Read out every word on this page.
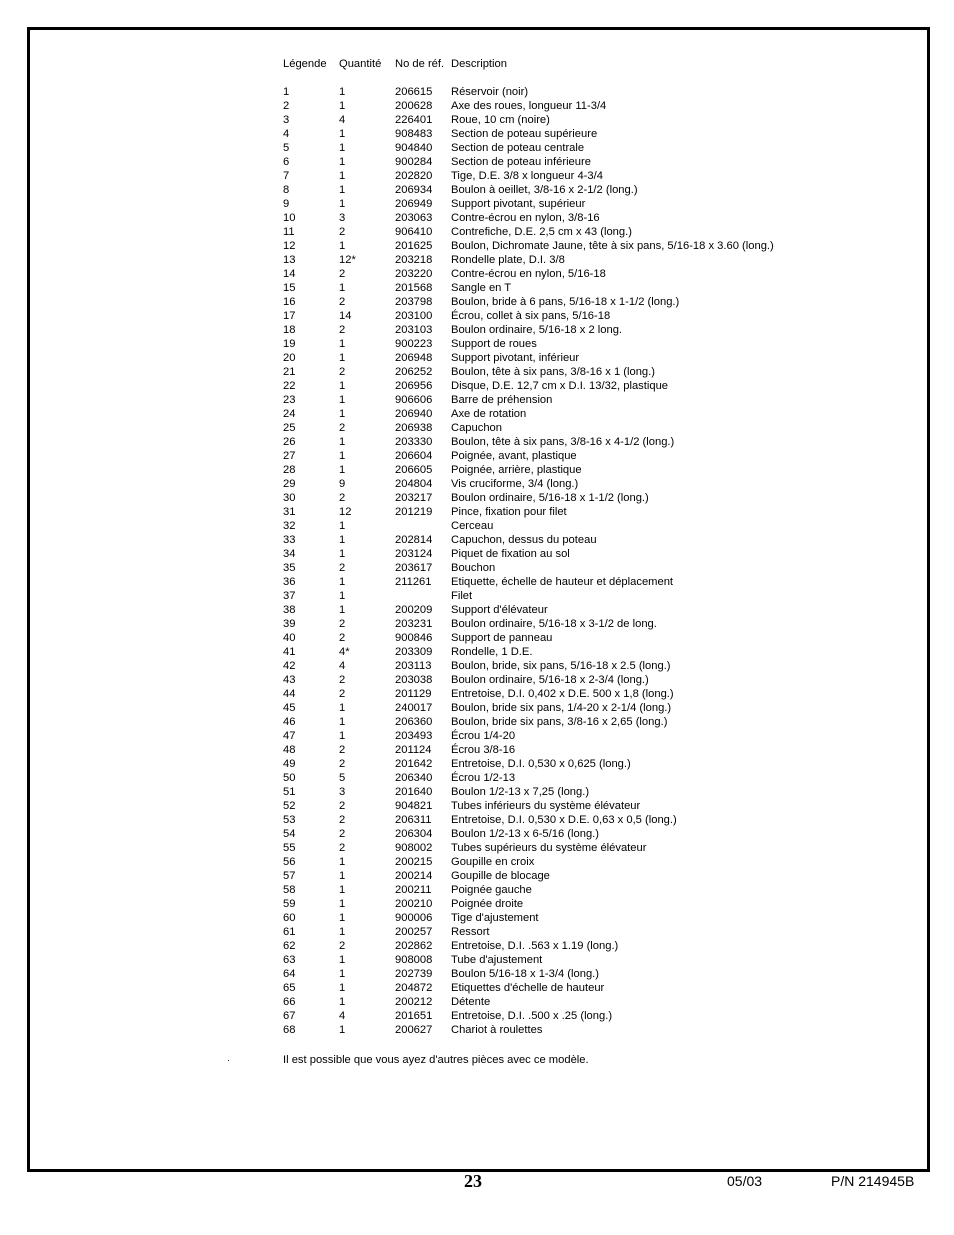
Légende Quantité No de réf. Description
1	1	206615 Réservoir (noir)
2	1	200628 Axe des roues, longueur 11-3/4
3	4	226401 Roue, 10 cm (noire)
4	1	908483 Section de poteau supérieure
5	1	904840 Section de poteau centrale
6	1	900284 Section de poteau inférieure
7	1	202820 Tige, D.E. 3/8 x longueur 4-3/4
8	1	206934 Boulon à oeillet, 3/8-16 x 2-1/2 (long.)
9	1	206949 Support pivotant, supérieur
10	3	203063 Contre-écrou en nylon, 3/8-16
11	2	906410 Contrefiche, D.E. 2,5 cm x 43 (long.)
12	1	201625 Boulon, Dichromate Jaune, tête à six pans, 5/16-18 x 3.60 (long.)
13	12*	203218 Rondelle plate, D.I. 3/8
14	2	203220 Contre-écrou en nylon, 5/16-18
15	1	201568 Sangle en T
16	2	203798 Boulon, bride à 6 pans, 5/16-18 x 1-1/2 (long.)
17	14	203100 Écrou, collet à six pans, 5/16-18
18	2	203103 Boulon ordinaire, 5/16-18 x 2 long.
19	1	900223 Support de roues
20	1	206948 Support pivotant, inférieur
21	2	206252 Boulon, tête à six pans, 3/8-16 x 1 (long.)
22	1	206956 Disque, D.E. 12,7 cm x D.I. 13/32, plastique
23	1	906606 Barre de préhension
24	1	206940 Axe de rotation
25	2	206938 Capuchon
26	1	203330 Boulon, tête à six pans, 3/8-16 x 4-1/2 (long.)
27	1	206604 Poignée, avant, plastique
28	1	206605 Poignée, arrière, plastique
29	9	204804 Vis cruciforme, 3/4 (long.)
30	2	203217 Boulon ordinaire, 5/16-18 x 1-1/2 (long.)
31	12	201219 Pince, fixation pour filet
32	1	Cerceau
33	1	202814 Capuchon, dessus du poteau
34	1	203124 Piquet de fixation au sol
35	2	203617 Bouchon
36	1	211261 Etiquette, échelle de hauteur et déplacement
37	1	Filet
38	1	200209 Support d'élévateur
39	2	203231 Boulon ordinaire, 5/16-18 x 3-1/2 de long.
40	2	900846 Support de panneau
41	4*	203309 Rondelle, 1 D.E.
42	4	203113 Boulon, bride, six pans, 5/16-18 x 2.5 (long.)
43	2	203038 Boulon ordinaire, 5/16-18 x 2-3/4 (long.)
44	2	201129 Entretoise, D.I. 0,402 x D.E. 500 x 1,8 (long.)
45	1	240017 Boulon, bride six pans, 1/4-20 x 2-1/4 (long.)
46	1	206360 Boulon, bride six pans, 3/8-16 x 2,65 (long.)
47	1	203493 Écrou 1/4-20
48	2	201124 Écrou 3/8-16
49	2	201642 Entretoise, D.I. 0,530 x 0,625 (long.)
50	5	206340 Écrou 1/2-13
51	3	201640 Boulon 1/2-13 x 7,25 (long.)
52	2	904821 Tubes inférieurs du système élévateur
53	2	206311 Entretoise, D.I. 0,530 x D.E. 0,63 x 0,5 (long.)
54	2	206304 Boulon 1/2-13 x 6-5/16 (long.)
55	2	908002 Tubes supérieurs du système élévateur
56	1	200215 Goupille en croix
57	1	200214 Goupille de blocage
58	1	200211 Poignée gauche
59	1	200210 Poignée droite
60	1	900006 Tige d'ajustement
61	1	200257 Ressort
62	2	202862 Entretoise, D.I. .563 x 1.19 (long.)
63	1	908008 Tube d'ajustement
64	1	202739 Boulon 5/16-18 x 1-3/4 (long.)
65	1	204872 Etiquettes d'échelle de hauteur
66	1	200212 Détente
67	4	201651 Entretoise, D.I. .500 x .25 (long.)
68	1	200627 Chariot à roulettes
·	Il est possible que vous ayez d'autres pièces avec ce modèle.
23	05/03	P/N 214945B
